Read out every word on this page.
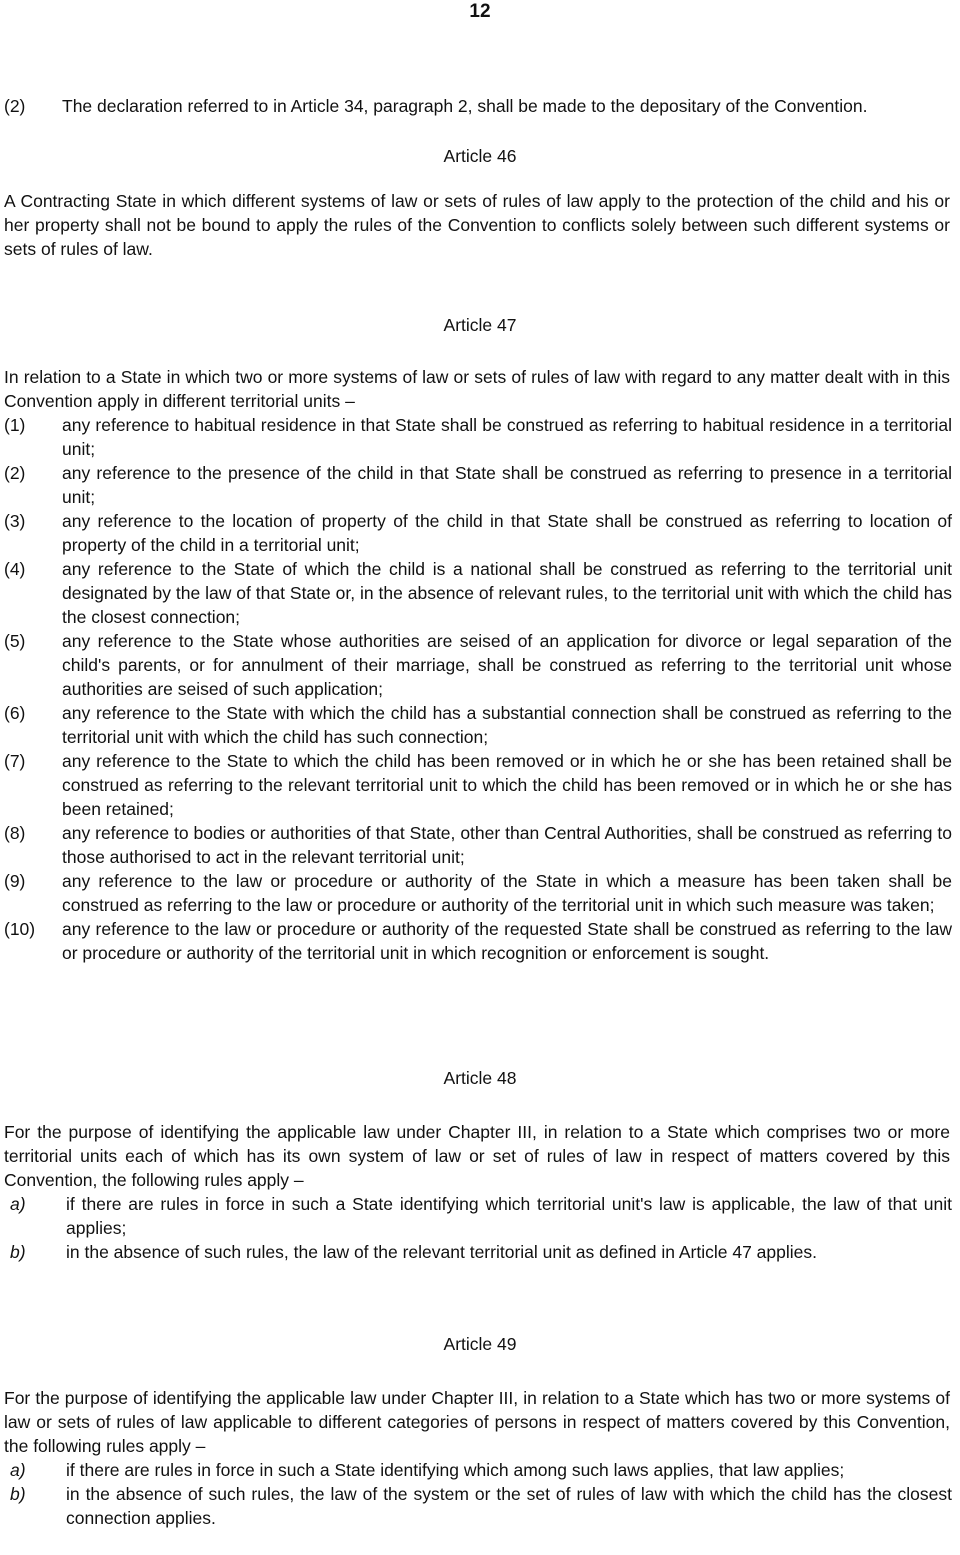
12
(2)	The declaration referred to in Article 34, paragraph 2, shall be made to the depositary of the Convention.
Article 46
A Contracting State in which different systems of law or sets of rules of law apply to the protection of the child and his or her property shall not be bound to apply the rules of the Convention to conflicts solely between such different systems or sets of rules of law.
Article 47
In relation to a State in which two or more systems of law or sets of rules of law with regard to any matter dealt with in this Convention apply in different territorial units –
(1)	any reference to habitual residence in that State shall be construed as referring to habitual residence in a territorial unit;
(2)	any reference to the presence of the child in that State shall be construed as referring to presence in a territorial unit;
(3)	any reference to the location of property of the child in that State shall be construed as referring to location of property of the child in a territorial unit;
(4)	any reference to the State of which the child is a national shall be construed as referring to the territorial unit designated by the law of that State or, in the absence of relevant rules, to the territorial unit with which the child has the closest connection;
(5)	any reference to the State whose authorities are seised of an application for divorce or legal separation of the child's parents, or for annulment of their marriage, shall be construed as referring to the territorial unit whose authorities are seised of such application;
(6)	any reference to the State with which the child has a substantial connection shall be construed as referring to the territorial unit with which the child has such connection;
(7)	any reference to the State to which the child has been removed or in which he or she has been retained shall be construed as referring to the relevant territorial unit to which the child has been removed or in which he or she has been retained;
(8)	any reference to bodies or authorities of that State, other than Central Authorities, shall be construed as referring to those authorised to act in the relevant territorial unit;
(9)	any reference to the law or procedure or authority of the State in which a measure has been taken shall be construed as referring to the law or procedure or authority of the territorial unit in which such measure was taken;
(10)	any reference to the law or procedure or authority of the requested State shall be construed as referring to the law or procedure or authority of the territorial unit in which recognition or enforcement is sought.
Article 48
For the purpose of identifying the applicable law under Chapter III, in relation to a State which comprises two or more territorial units each of which has its own system of law or set of rules of law in respect of matters covered by this Convention, the following rules apply –
a)	if there are rules in force in such a State identifying which territorial unit's law is applicable, the law of that unit applies;
b)	in the absence of such rules, the law of the relevant territorial unit as defined in Article 47 applies.
Article 49
For the purpose of identifying the applicable law under Chapter III, in relation to a State which has two or more systems of law or sets of rules of law applicable to different categories of persons in respect of matters covered by this Convention, the following rules apply –
a)	if there are rules in force in such a State identifying which among such laws applies, that law applies;
b)	in the absence of such rules, the law of the system or the set of rules of law with which the child has the closest connection applies.
